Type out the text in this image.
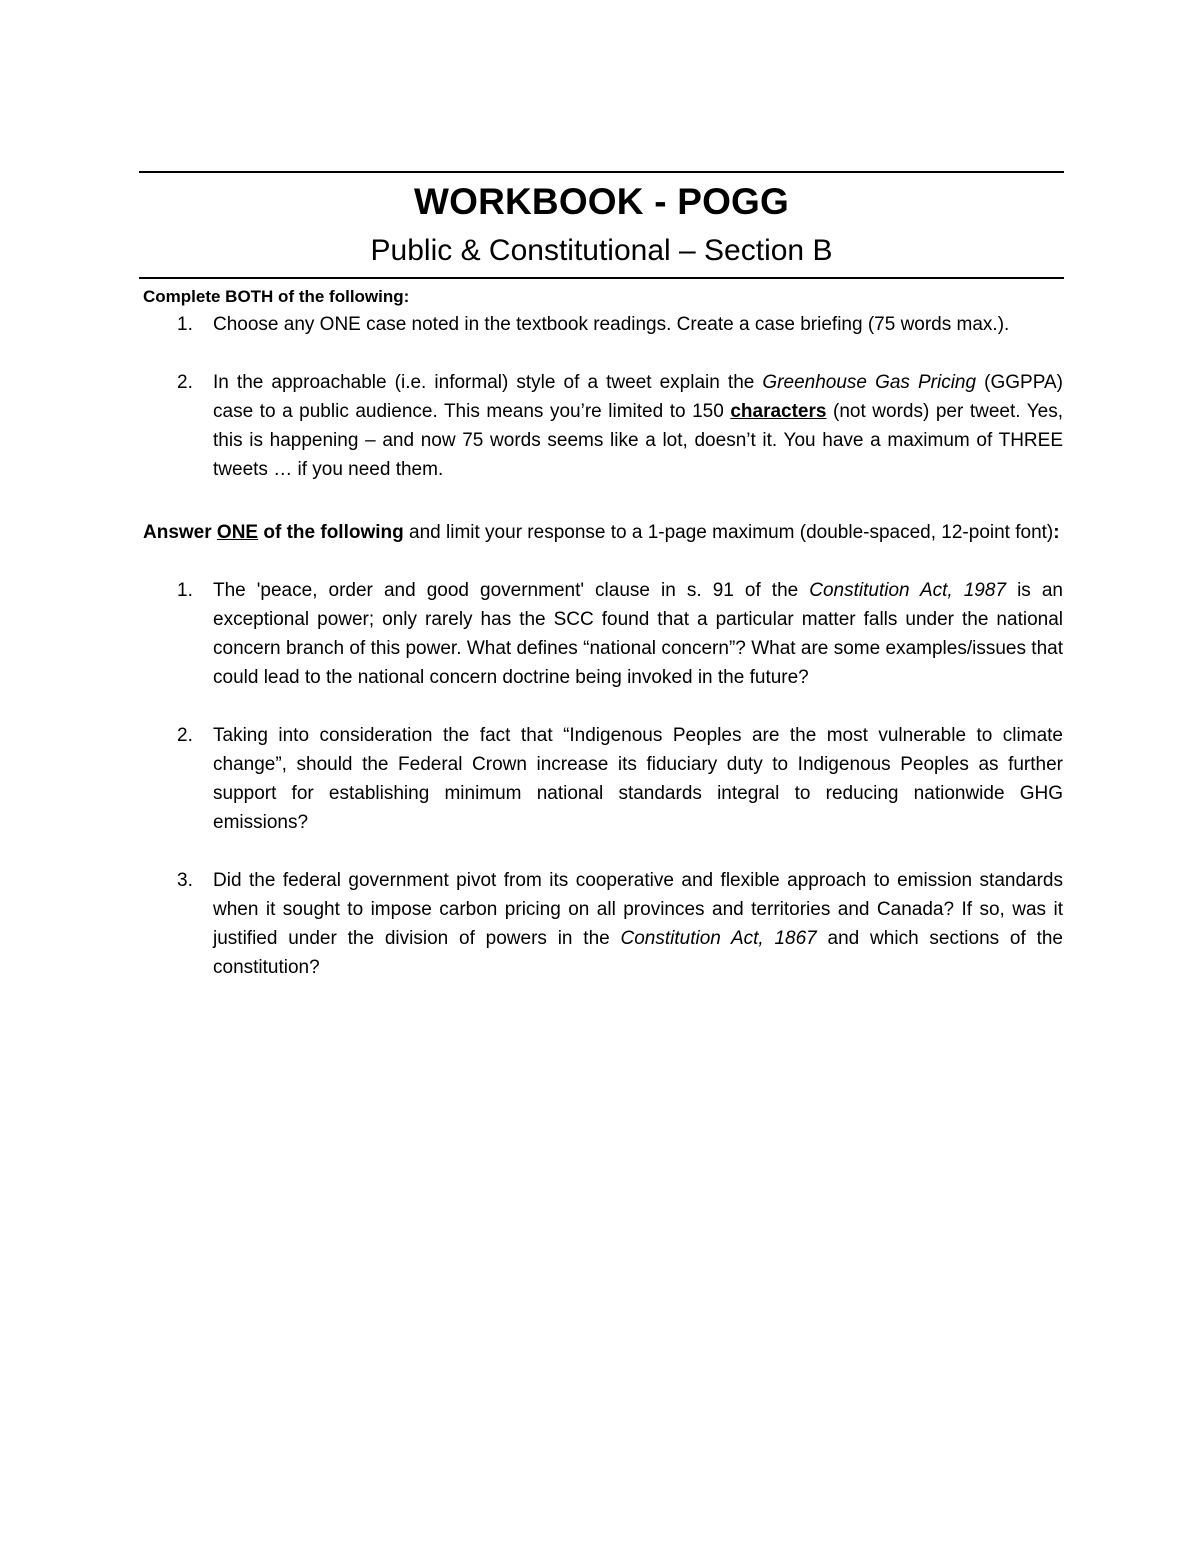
WORKBOOK - POGG
Public & Constitutional – Section B

Complete BOTH of the following:

1. Choose any ONE case noted in the textbook readings. Create a case briefing (75 words max.).
2. In the approachable (i.e. informal) style of a tweet explain the Greenhouse Gas Pricing (GGPPA) case to a public audience. This means you’re limited to 150 characters (not words) per tweet. Yes, this is happening – and now 75 words seems like a lot, doesn’t it. You have a maximum of THREE tweets … if you need them.

Answer ONE of the following and limit your response to a 1-page maximum (double-spaced, 12-point font):

1. The 'peace, order and good government' clause in s. 91 of the Constitution Act, 1987 is an exceptional power; only rarely has the SCC found that a particular matter falls under the national concern branch of this power. What defines “national concern”? What are some examples/issues that could lead to the national concern doctrine being invoked in the future?
2. Taking into consideration the fact that “Indigenous Peoples are the most vulnerable to climate change”, should the Federal Crown increase its fiduciary duty to Indigenous Peoples as further support for establishing minimum national standards integral to reducing nationwide GHG emissions?
3. Did the federal government pivot from its cooperative and flexible approach to emission standards when it sought to impose carbon pricing on all provinces and territories and Canada? If so, was it justified under the division of powers in the Constitution Act, 1867 and which sections of the constitution?
